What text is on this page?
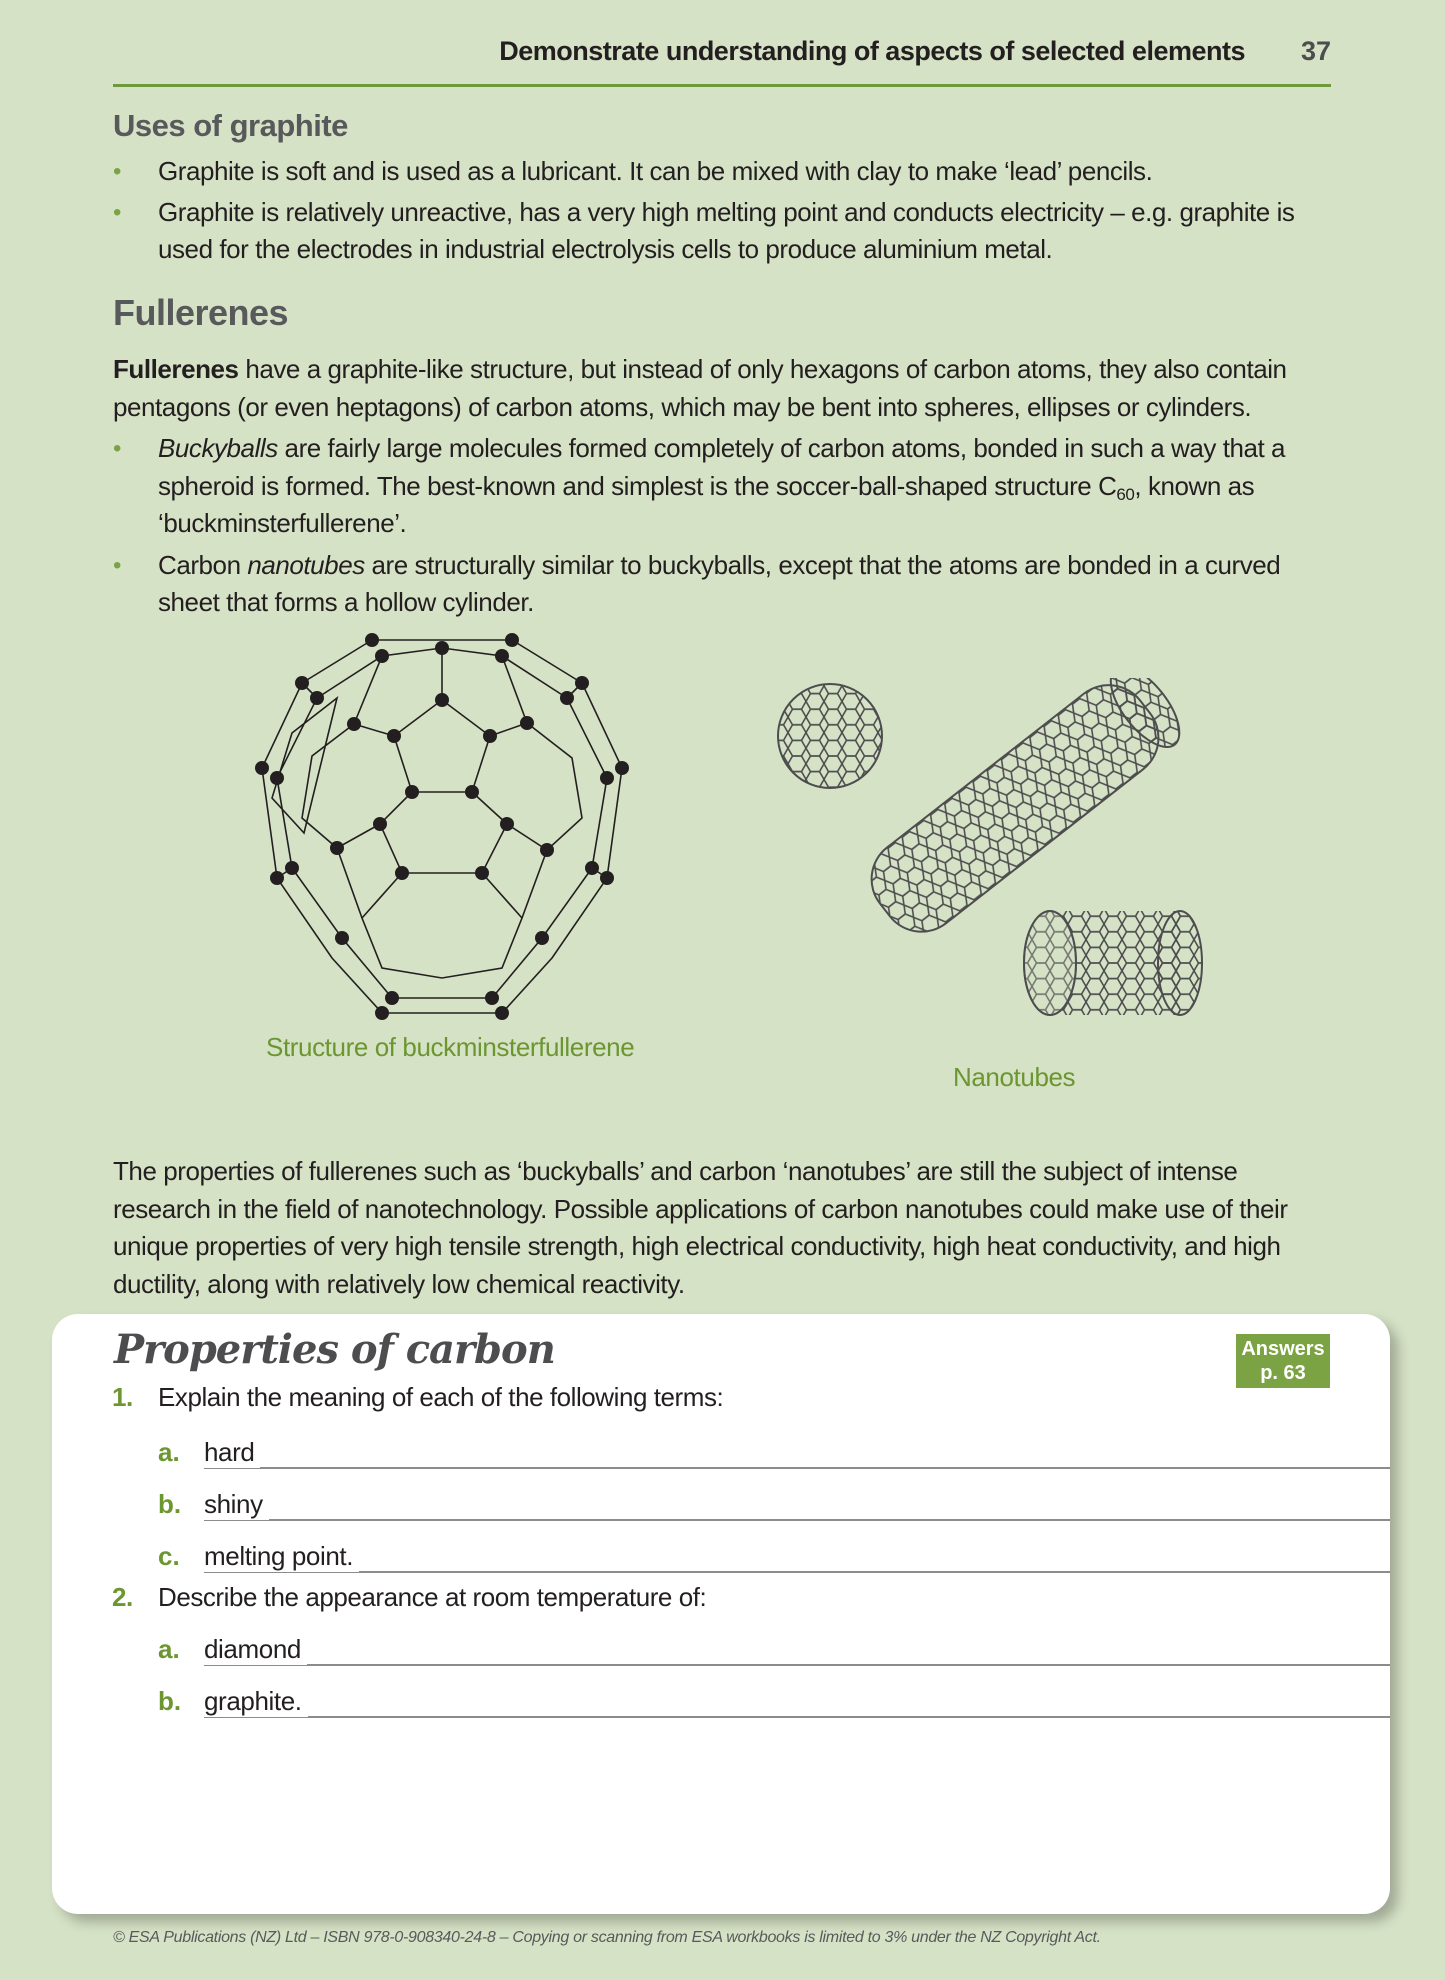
Demonstrate understanding of aspects of selected elements 37
Uses of graphite
• Graphite is soft and is used as a lubricant. It can be mixed with clay to make ‘lead’ pencils.
• Graphite is relatively unreactive, has a very high melting point and conducts electricity – e.g. graphite is used for the electrodes in industrial electrolysis cells to produce aluminium metal.
Fullerenes

Fullerenes have a graphite-like structure, but instead of only hexagons of carbon atoms, they also contain pentagons (or even heptagons) of carbon atoms, which may be bent into spheres, ellipses or cylinders.

• Buckyballs are fairly large molecules formed completely of carbon atoms, bonded in such a way that a spheroid is formed. The best-known and simplest is the soccer-ball-shaped structure $C_{60}$, known as ‘buckminsterfullerene’.
• Carbon nanotubes are structurally similar to buckyballs, except that the atoms are bonded in a curved sheet that forms a hollow cylinder.
Structure of buckminsterfullerene
Nanotubes

The properties of fullerenes such as ‘buckyballs’ and carbon ‘nanotubes’ are still the subject of intense research in the field of nanotechnology. Possible applications of carbon nanotubes could make use of their unique properties of very high tensile strength, high electrical conductivity, high heat conductivity, and high ductility, along with relatively low chemical reactivity.

Properties of carbon	Answers
p. 63
1. Explain the meaning of each of the following terms:
a. hard
b. shiny
c. melting point.
2. Describe the appearance at room temperature of:
a. diamond
b. graphite.
© ESA Publications (NZ) Ltd – ISBN 978-0-908340-24-8 – Copying or scanning from ESA workbooks is limited to 3% under the NZ Copyright Act.
